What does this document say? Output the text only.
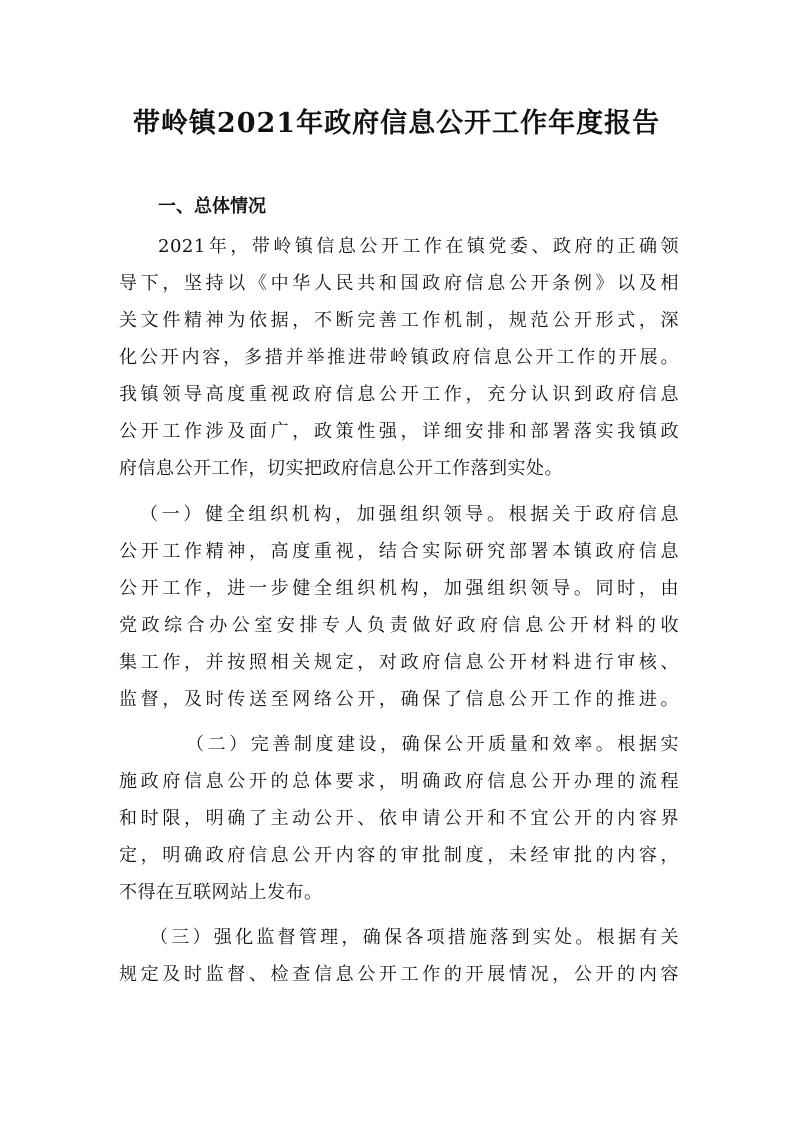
带岭镇2021年政府信息公开工作年度报告
一、总体情况
2021年，带岭镇信息公开工作在镇党委、政府的正确领
导下，坚持以《中华人民共和国政府信息公开条例》以及相
关文件精神为依据，不断完善工作机制，规范公开形式，深
化公开内容，多措并举推进带岭镇政府信息公开工作的开展。
我镇领导高度重视政府信息公开工作，充分认识到政府信息
公开工作涉及面广，政策性强，详细安排和部署落实我镇政
府信息公开工作，切实把政府信息公开工作落到实处。
（一）健全组织机构，加强组织领导。根据关于政府信息
公开工作精神，高度重视，结合实际研究部署本镇政府信息
公开工作，进一步健全组织机构，加强组织领导。同时，由
党政综合办公室安排专人负责做好政府信息公开材料的收
集工作，并按照相关规定，对政府信息公开材料进行审核、
监督，及时传送至网络公开，确保了信息公开工作的推进。
（二）完善制度建设，确保公开质量和效率。根据实
施政府信息公开的总体要求，明确政府信息公开办理的流程
和时限，明确了主动公开、依申请公开和不宜公开的内容界
定，明确政府信息公开内容的审批制度，未经审批的内容，
不得在互联网站上发布。
（三）强化监督管理，确保各项措施落到实处。根据有关
规定及时监督、检查信息公开工作的开展情况，公开的内容
